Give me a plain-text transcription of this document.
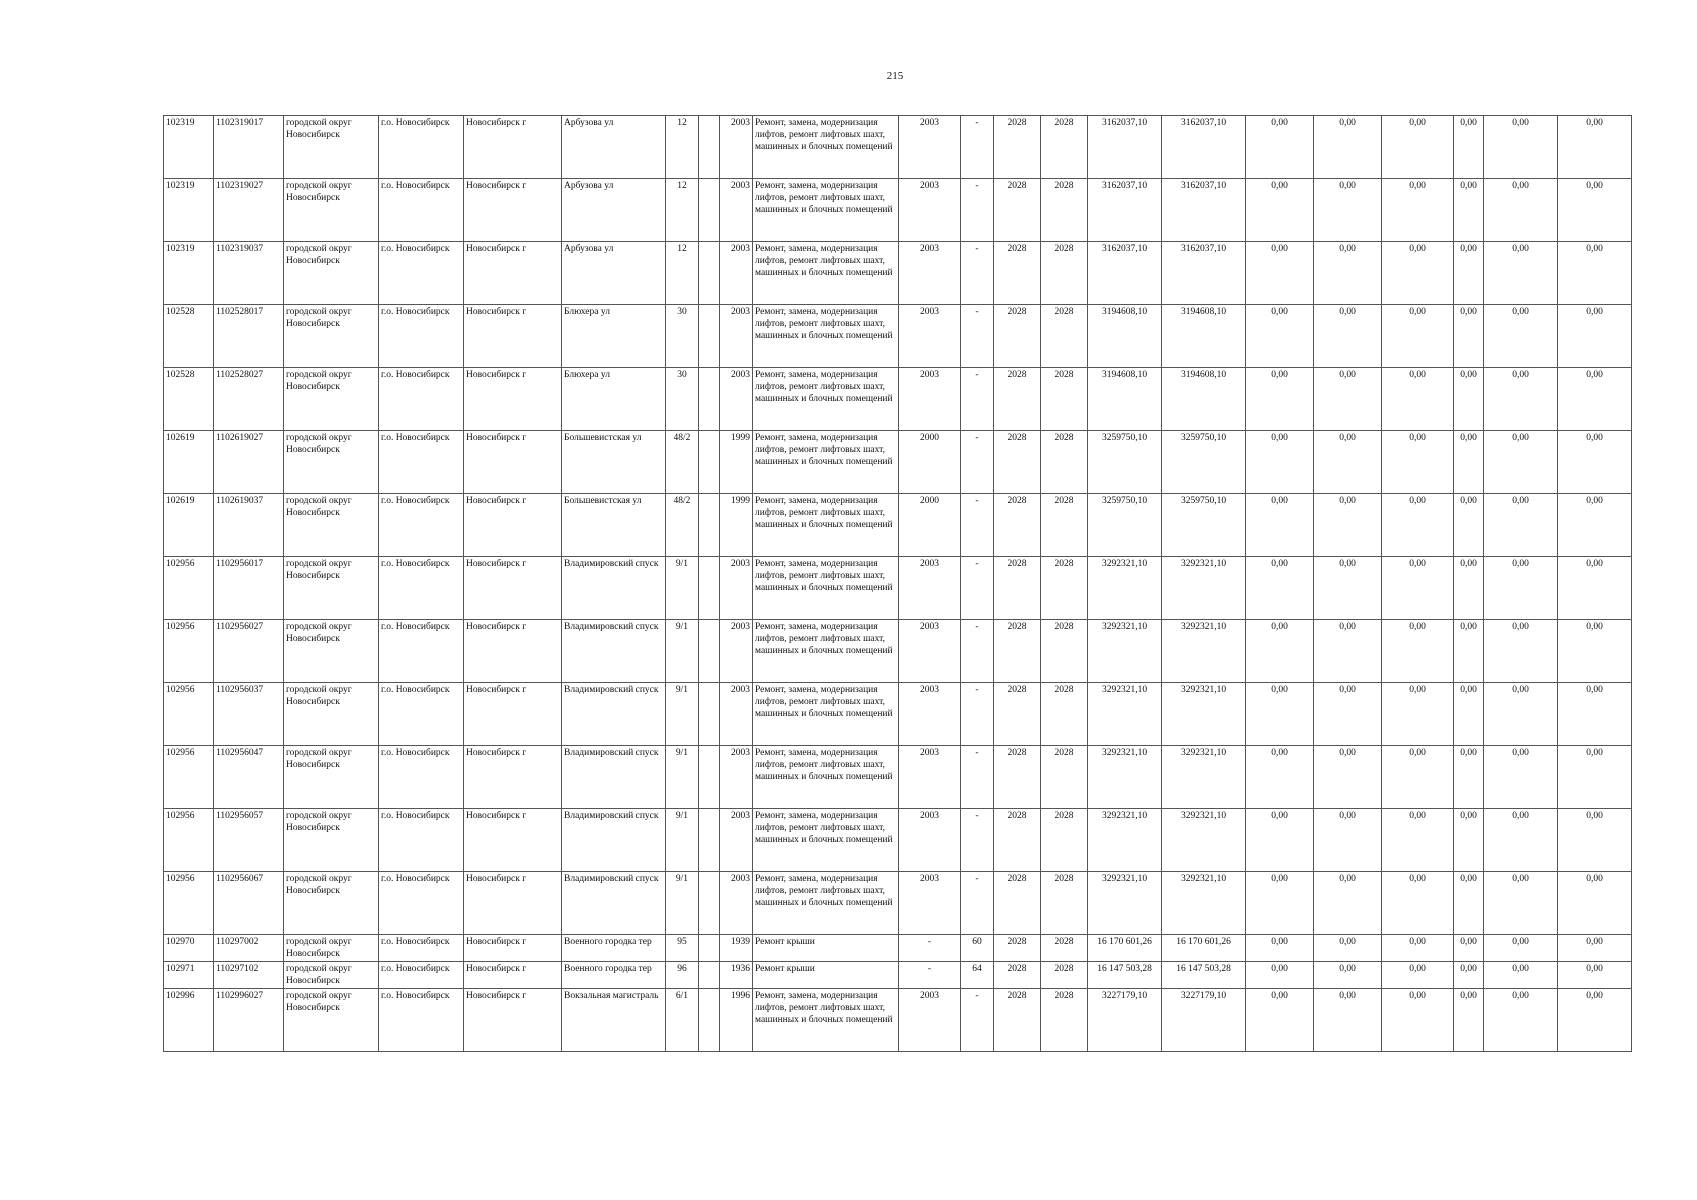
215
102319	1102319017	городской округ Новосибирск	г.о. Новосибирск	Новосибирск г	Арбузова ул	12		2003	Ремонт, замена, модернизация лифтов, ремонт лифтовых шахт, машинных и блочных помещений	2003	-	2028	2028	3162037,10	3162037,10	0,00	0,00	0,00	0,00	0,00	0,00
102319	1102319027	городской округ Новосибирск	г.о. Новосибирск	Новосибирск г	Арбузова ул	12		2003	Ремонт, замена, модернизация лифтов, ремонт лифтовых шахт, машинных и блочных помещений	2003	-	2028	2028	3162037,10	3162037,10	0,00	0,00	0,00	0,00	0,00	0,00
102319	1102319037	городской округ Новосибирск	г.о. Новосибирск	Новосибирск г	Арбузова ул	12		2003	Ремонт, замена, модернизация лифтов, ремонт лифтовых шахт, машинных и блочных помещений	2003	-	2028	2028	3162037,10	3162037,10	0,00	0,00	0,00	0,00	0,00	0,00
102528	1102528017	городской округ Новосибирск	г.о. Новосибирск	Новосибирск г	Блюхера ул	30		2003	Ремонт, замена, модернизация лифтов, ремонт лифтовых шахт, машинных и блочных помещений	2003	-	2028	2028	3194608,10	3194608,10	0,00	0,00	0,00	0,00	0,00	0,00
102528	1102528027	городской округ Новосибирск	г.о. Новосибирск	Новосибирск г	Блюхера ул	30		2003	Ремонт, замена, модернизация лифтов, ремонт лифтовых шахт, машинных и блочных помещений	2003	-	2028	2028	3194608,10	3194608,10	0,00	0,00	0,00	0,00	0,00	0,00
102619	1102619027	городской округ Новосибирск	г.о. Новосибирск	Новосибирск г	Большевистская ул	48/2		1999	Ремонт, замена, модернизация лифтов, ремонт лифтовых шахт, машинных и блочных помещений	2000	-	2028	2028	3259750,10	3259750,10	0,00	0,00	0,00	0,00	0,00	0,00
102619	1102619037	городской округ Новосибирск	г.о. Новосибирск	Новосибирск г	Большевистская ул	48/2		1999	Ремонт, замена, модернизация лифтов, ремонт лифтовых шахт, машинных и блочных помещений	2000	-	2028	2028	3259750,10	3259750,10	0,00	0,00	0,00	0,00	0,00	0,00
102956	1102956017	городской округ Новосибирск	г.о. Новосибирск	Новосибирск г	Владимировский спуск	9/1		2003	Ремонт, замена, модернизация лифтов, ремонт лифтовых шахт, машинных и блочных помещений	2003	-	2028	2028	3292321,10	3292321,10	0,00	0,00	0,00	0,00	0,00	0,00
102956	1102956027	городской округ Новосибирск	г.о. Новосибирск	Новосибирск г	Владимировский спуск	9/1		2003	Ремонт, замена, модернизация лифтов, ремонт лифтовых шахт, машинных и блочных помещений	2003	-	2028	2028	3292321,10	3292321,10	0,00	0,00	0,00	0,00	0,00	0,00
102956	1102956037	городской округ Новосибирск	г.о. Новосибирск	Новосибирск г	Владимировский спуск	9/1		2003	Ремонт, замена, модернизация лифтов, ремонт лифтовых шахт, машинных и блочных помещений	2003	-	2028	2028	3292321,10	3292321,10	0,00	0,00	0,00	0,00	0,00	0,00
102956	1102956047	городской округ Новосибирск	г.о. Новосибирск	Новосибирск г	Владимировский спуск	9/1		2003	Ремонт, замена, модернизация лифтов, ремонт лифтовых шахт, машинных и блочных помещений	2003	-	2028	2028	3292321,10	3292321,10	0,00	0,00	0,00	0,00	0,00	0,00
102956	1102956057	городской округ Новосибирск	г.о. Новосибирск	Новосибирск г	Владимировский спуск	9/1		2003	Ремонт, замена, модернизация лифтов, ремонт лифтовых шахт, машинных и блочных помещений	2003	-	2028	2028	3292321,10	3292321,10	0,00	0,00	0,00	0,00	0,00	0,00
102956	1102956067	городской округ Новосибирск	г.о. Новосибирск	Новосибирск г	Владимировский спуск	9/1		2003	Ремонт, замена, модернизация лифтов, ремонт лифтовых шахт, машинных и блочных помещений	2003	-	2028	2028	3292321,10	3292321,10	0,00	0,00	0,00	0,00	0,00	0,00
102970	110297002	городской округ Новосибирск	г.о. Новосибирск	Новосибирск г	Военного городка тер	95		1939	Ремонт крыши	-	60	2028	2028	16 170 601,26	16 170 601,26	0,00	0,00	0,00	0,00	0,00	0,00
102971	110297102	городской округ Новосибирск	г.о. Новосибирск	Новосибирск г	Военного городка тер	96		1936	Ремонт крыши	-	64	2028	2028	16 147 503,28	16 147 503,28	0,00	0,00	0,00	0,00	0,00	0,00
102996	1102996027	городской округ Новосибирск	г.о. Новосибирск	Новосибирск г	Вокзальная магистраль	6/1		1996	Ремонт, замена, модернизация лифтов, ремонт лифтовых шахт, машинных и блочных помещений	2003	-	2028	2028	3227179,10	3227179,10	0,00	0,00	0,00	0,00	0,00	0,00
